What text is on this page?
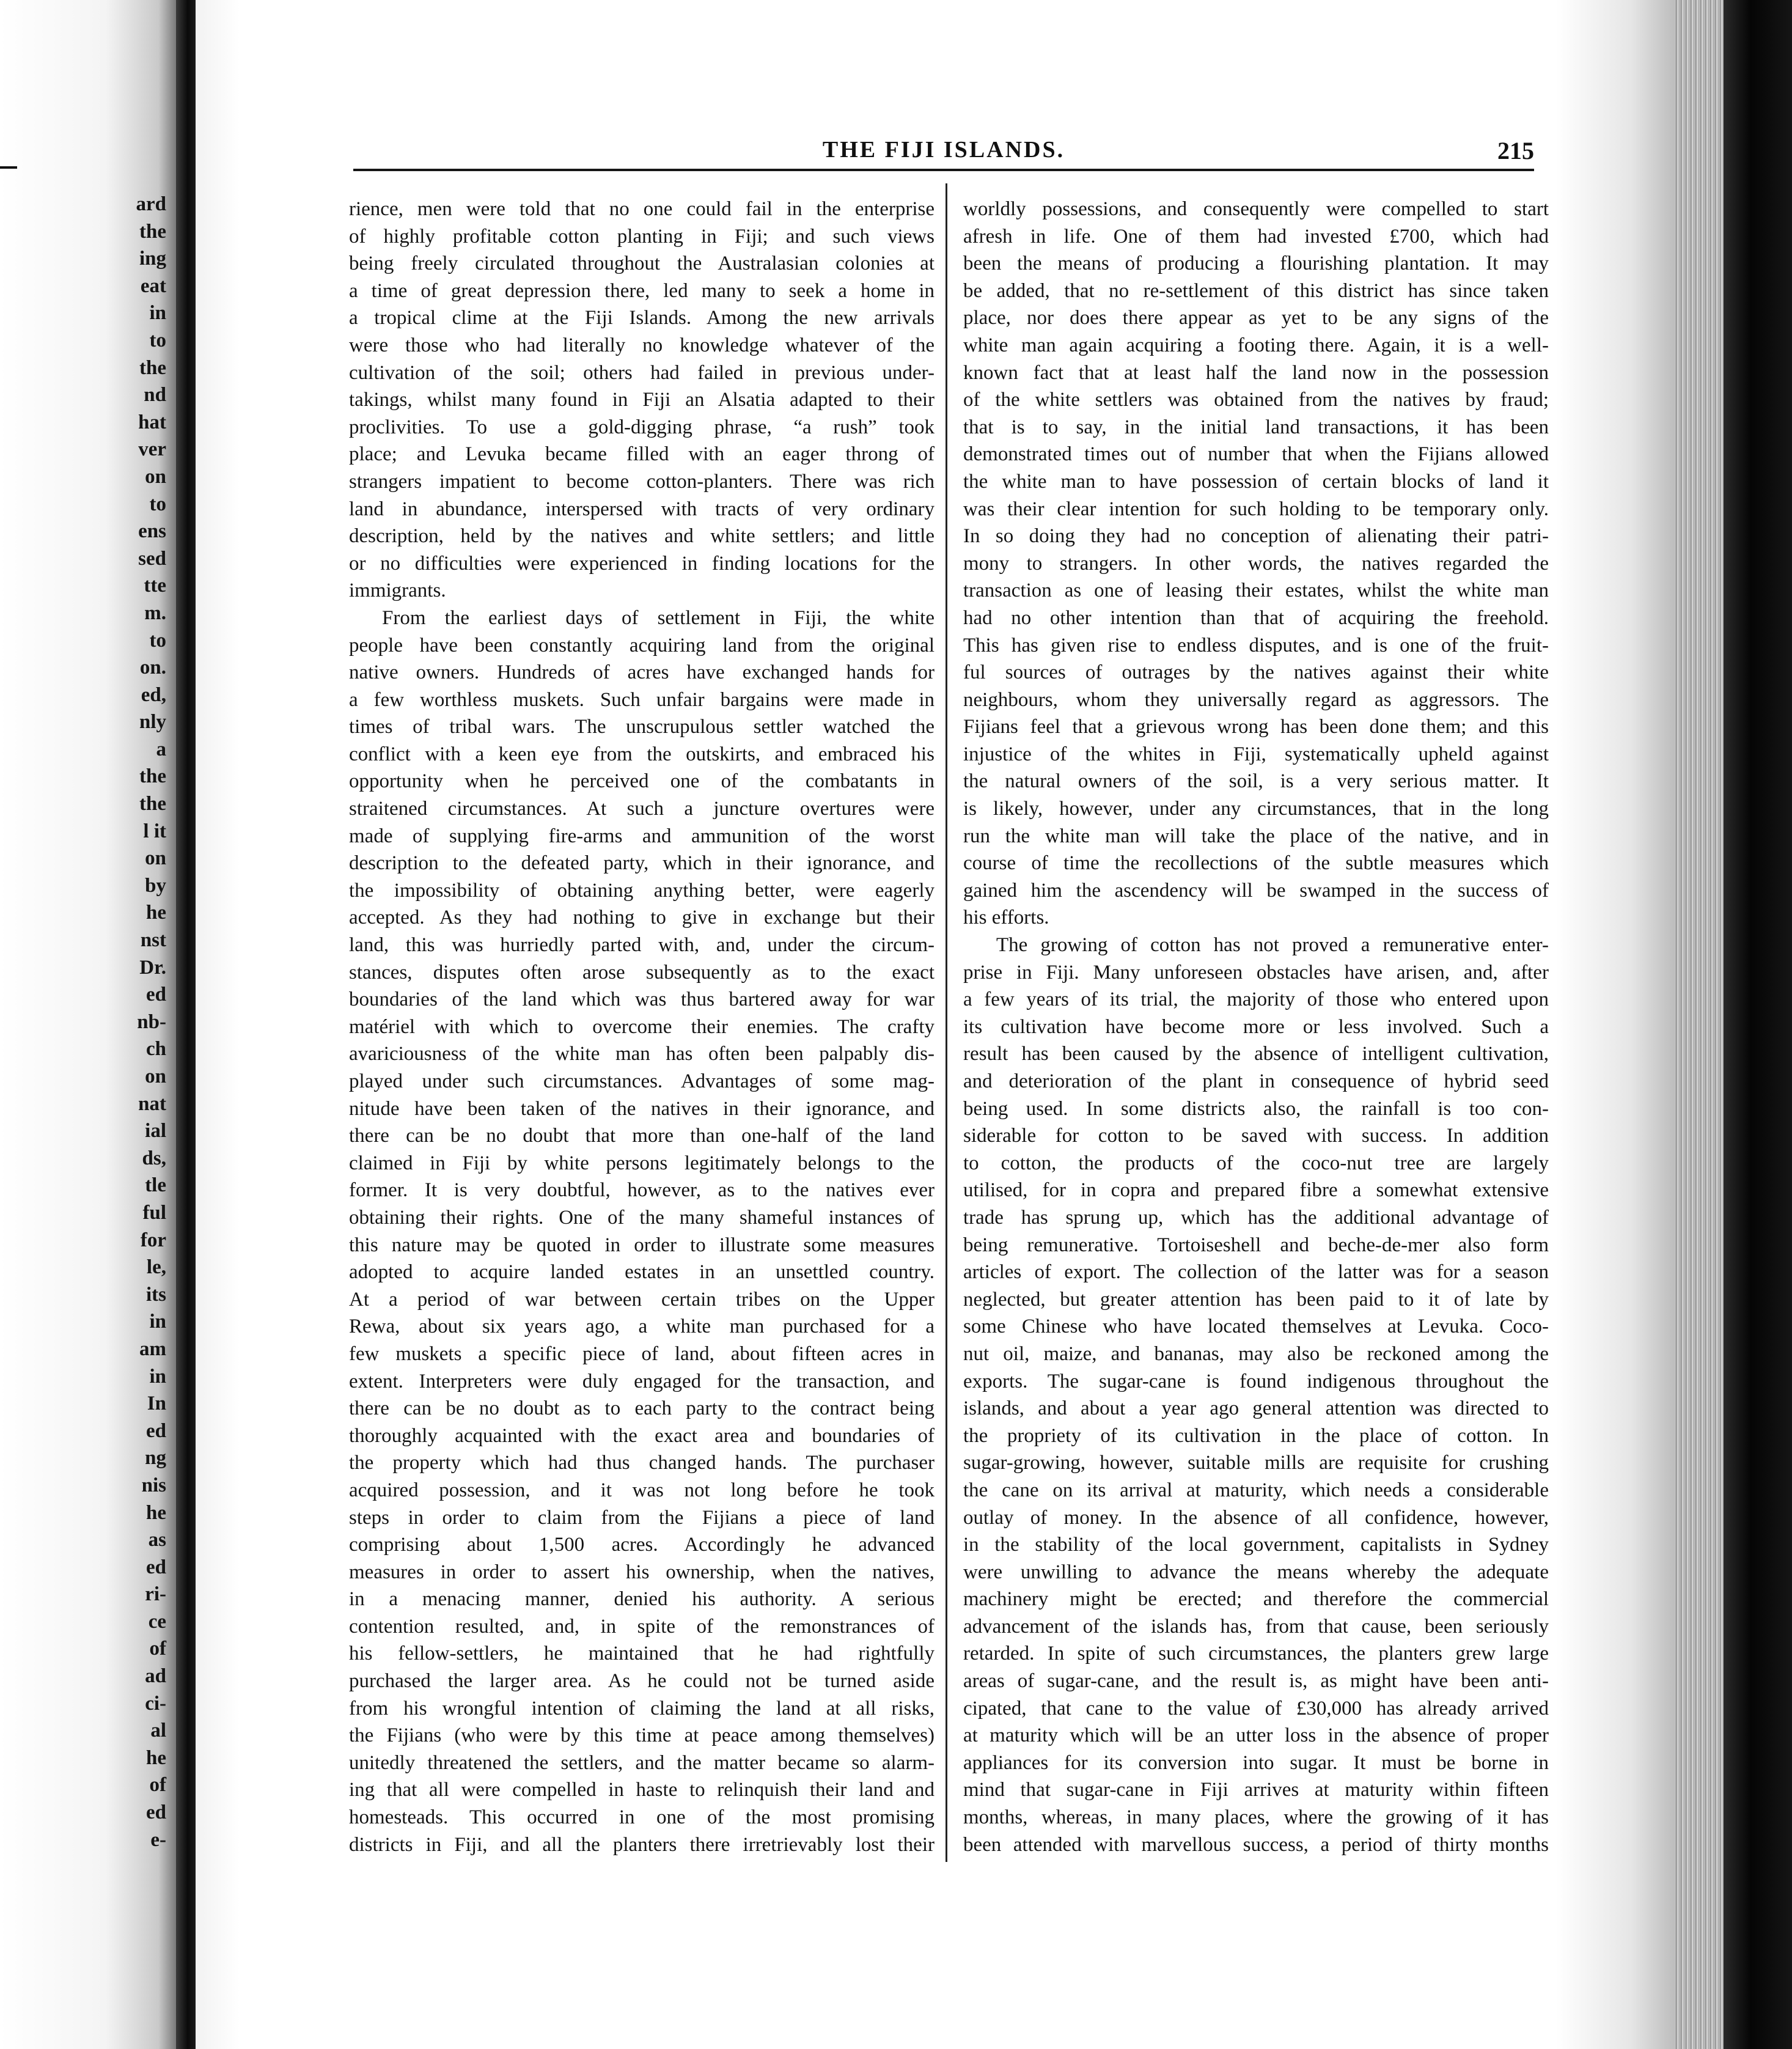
ard
the
ing
eat
in
to
the
nd
hat
ver
on
to
ens
sed
tte
m.
to
on.
ed,
nly
a
the
the
l it
on
by
he
nst
Dr.
ed
nb-
ch
on
nat
ial
ds,
tle
ful
for
le,
its
in
am
in
In
ed
ng
nis
he
as
ed
ri-
ce
of
ad
ci-
al
he
of
ed
e-
THE FIJI ISLANDS.	215
rience, men were told that no one could fail in the enterprise
of highly profitable cotton planting in Fiji; and such views
being freely circulated throughout the Australasian colonies at
a time of great depression there, led many to seek a home in
a tropical clime at the Fiji Islands. Among the new arrivals
were those who had literally no knowledge whatever of the
cultivation of the soil; others had failed in previous under-
takings, whilst many found in Fiji an Alsatia adapted to their
proclivities. To use a gold-digging phrase, “a rush” took
place; and Levuka became filled with an eager throng of
strangers impatient to become cotton-planters. There was rich
land in abundance, interspersed with tracts of very ordinary
description, held by the natives and white settlers; and little
or no difficulties were experienced in finding locations for the
immigrants.
From the earliest days of settlement in Fiji, the white
people have been constantly acquiring land from the original
native owners. Hundreds of acres have exchanged hands for
a few worthless muskets. Such unfair bargains were made in
times of tribal wars. The unscrupulous settler watched the
conflict with a keen eye from the outskirts, and embraced his
opportunity when he perceived one of the combatants in
straitened circumstances. At such a juncture overtures were
made of supplying fire-arms and ammunition of the worst
description to the defeated party, which in their ignorance, and
the impossibility of obtaining anything better, were eagerly
accepted. As they had nothing to give in exchange but their
land, this was hurriedly parted with, and, under the circum-
stances, disputes often arose subsequently as to the exact
boundaries of the land which was thus bartered away for war
matériel with which to overcome their enemies. The crafty
avariciousness of the white man has often been palpably dis-
played under such circumstances. Advantages of some mag-
nitude have been taken of the natives in their ignorance, and
there can be no doubt that more than one-half of the land
claimed in Fiji by white persons legitimately belongs to the
former. It is very doubtful, however, as to the natives ever
obtaining their rights. One of the many shameful instances of
this nature may be quoted in order to illustrate some measures
adopted to acquire landed estates in an unsettled country.
At a period of war between certain tribes on the Upper
Rewa, about six years ago, a white man purchased for a
few muskets a specific piece of land, about fifteen acres in
extent. Interpreters were duly engaged for the transaction, and
there can be no doubt as to each party to the contract being
thoroughly acquainted with the exact area and boundaries of
the property which had thus changed hands. The purchaser
acquired possession, and it was not long before he took
steps in order to claim from the Fijians a piece of land
comprising about 1,500 acres. Accordingly he advanced
measures in order to assert his ownership, when the natives,
in a menacing manner, denied his authority. A serious
contention resulted, and, in spite of the remonstrances of
his fellow-settlers, he maintained that he had rightfully
purchased the larger area. As he could not be turned aside
from his wrongful intention of claiming the land at all risks,
the Fijians (who were by this time at peace among themselves)
unitedly threatened the settlers, and the matter became so alarm-
ing that all were compelled in haste to relinquish their land and
homesteads. This occurred in one of the most promising
districts in Fiji, and all the planters there irretrievably lost their
worldly possessions, and consequently were compelled to start
afresh in life. One of them had invested £700, which had
been the means of producing a flourishing plantation. It may
be added, that no re-settlement of this district has since taken
place, nor does there appear as yet to be any signs of the
white man again acquiring a footing there. Again, it is a well-
known fact that at least half the land now in the possession
of the white settlers was obtained from the natives by fraud;
that is to say, in the initial land transactions, it has been
demonstrated times out of number that when the Fijians allowed
the white man to have possession of certain blocks of land it
was their clear intention for such holding to be temporary only.
In so doing they had no conception of alienating their patri-
mony to strangers. In other words, the natives regarded the
transaction as one of leasing their estates, whilst the white man
had no other intention than that of acquiring the freehold.
This has given rise to endless disputes, and is one of the fruit-
ful sources of outrages by the natives against their white
neighbours, whom they universally regard as aggressors. The
Fijians feel that a grievous wrong has been done them; and this
injustice of the whites in Fiji, systematically upheld against
the natural owners of the soil, is a very serious matter. It
is likely, however, under any circumstances, that in the long
run the white man will take the place of the native, and in
course of time the recollections of the subtle measures which
gained him the ascendency will be swamped in the success of
his efforts.
The growing of cotton has not proved a remunerative enter-
prise in Fiji. Many unforeseen obstacles have arisen, and, after
a few years of its trial, the majority of those who entered upon
its cultivation have become more or less involved. Such a
result has been caused by the absence of intelligent cultivation,
and deterioration of the plant in consequence of hybrid seed
being used. In some districts also, the rainfall is too con-
siderable for cotton to be saved with success. In addition
to cotton, the products of the coco-nut tree are largely
utilised, for in copra and prepared fibre a somewhat extensive
trade has sprung up, which has the additional advantage of
being remunerative. Tortoiseshell and beche-de-mer also form
articles of export. The collection of the latter was for a season
neglected, but greater attention has been paid to it of late by
some Chinese who have located themselves at Levuka. Coco-
nut oil, maize, and bananas, may also be reckoned among the
exports. The sugar-cane is found indigenous throughout the
islands, and about a year ago general attention was directed to
the propriety of its cultivation in the place of cotton. In
sugar-growing, however, suitable mills are requisite for crushing
the cane on its arrival at maturity, which needs a considerable
outlay of money. In the absence of all confidence, however,
in the stability of the local government, capitalists in Sydney
were unwilling to advance the means whereby the adequate
machinery might be erected; and therefore the commercial
advancement of the islands has, from that cause, been seriously
retarded. In spite of such circumstances, the planters grew large
areas of sugar-cane, and the result is, as might have been anti-
cipated, that cane to the value of £30,000 has already arrived
at maturity which will be an utter loss in the absence of proper
appliances for its conversion into sugar. It must be borne in
mind that sugar-cane in Fiji arrives at maturity within fifteen
months, whereas, in many places, where the growing of it has
been attended with marvellous success, a period of thirty months
